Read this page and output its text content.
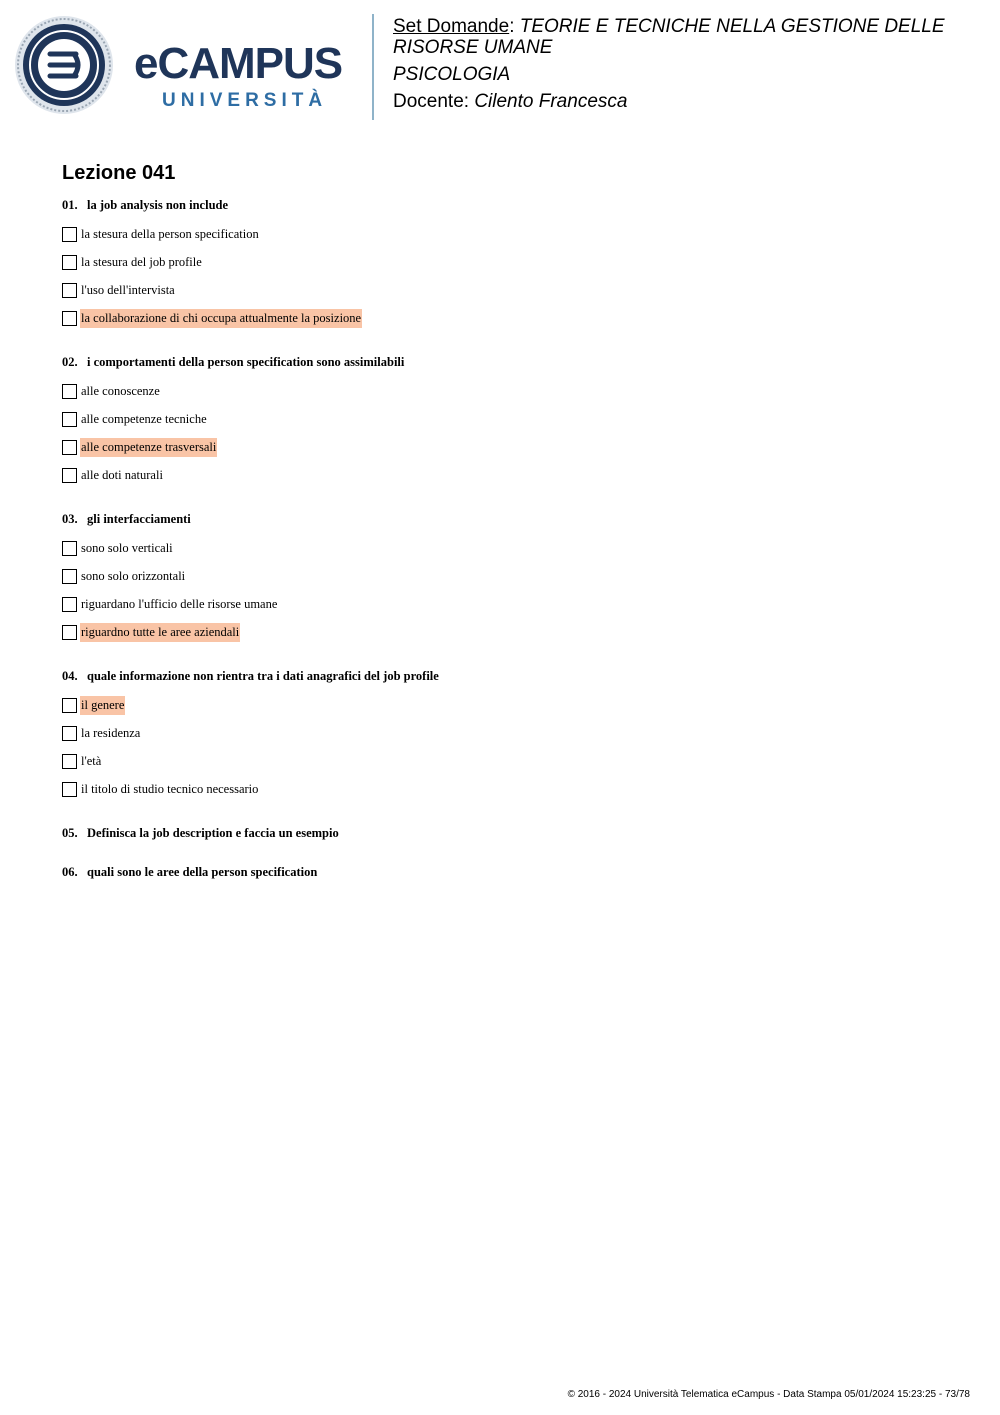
eCAMPUS
UNIVERSITÀ

Set Domande: TEORIE E TECNICHE NELLA GESTIONE DELLE RISORSE UMANE

PSICOLOGIA

Docente: Cilento Francesca

Lezione 041
01. la job analysis non include
la stesura della person specification
la stesura del job profile
l'uso dell'intervista
la collaborazione di chi occupa attualmente la posizione
02. i comportamenti della person specification sono assimilabili
alle conoscenze
alle competenze tecniche
alle competenze trasversali
alle doti naturali
03. gli interfacciamenti
sono solo verticali
sono solo orizzontali
riguardano l'ufficio delle risorse umane
riguardno tutte le aree aziendali
04. quale informazione non rientra tra i dati anagrafici del job profile
il genere
la residenza
l'età
il titolo di studio tecnico necessario
05. Definisca la job description e faccia un esempio
06. quali sono le aree della person specification
© 2016 - 2024 Università Telematica eCampus - Data Stampa 05/01/2024 15:23:25 - 73/78
